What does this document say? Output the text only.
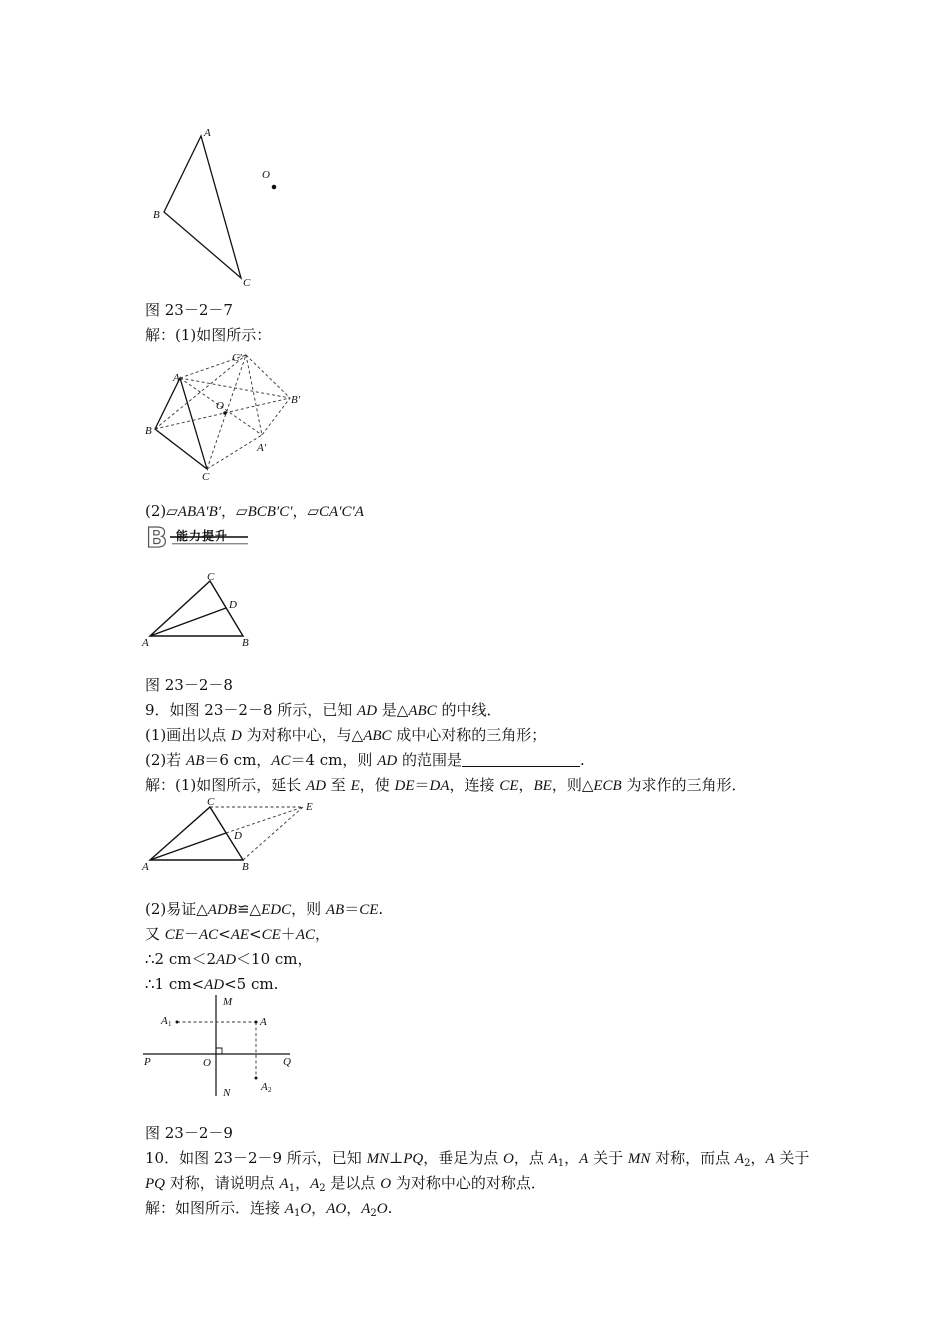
A
B
C
O
图 23－2－7
解：(1)如图所示：
A
B
C
O
A′
B′
C′
(2)▱ABA′B′，▱BCB′C′，▱CA′C′A
B 能力提升
A	B
C
D
图 23－2－8
9．如图 23－2－8 所示，已知 AD 是△ABC 的中线．
(1)画出以点 D 为对称中心，与△ABC 成中心对称的三角形；
(2)若 AB＝6 cm，AC＝4 cm，则 AD 的范围是	.
解：(1)如图所示，延长 AD 至 E，使 DE＝DA，连接 CE，BE，则△ECB 为求作的三角形．
A	B
C
D
E
(2)易证△ADB≌△EDC，则 AB＝CE.
又 CE－AC<AE<CE＋AC，
∴2 cm＜2AD＜10 cm，
∴1 cm<AD<5 cm.
M
N
P	Q
O
A
A 1
A 2
图 23－2－9
10．如图 23－2－9 所示，已知 MN⊥PQ，垂足为点 O，点 $A_1$，A 关于 MN 对称，而点 $A_2$，A 关于
PQ 对称，请说明点 $A_1$，$A_2$ 是以点 O 为对称中心的对称点．
解：如图所示．连接 $A_1O$，AO，$A_2O$.
